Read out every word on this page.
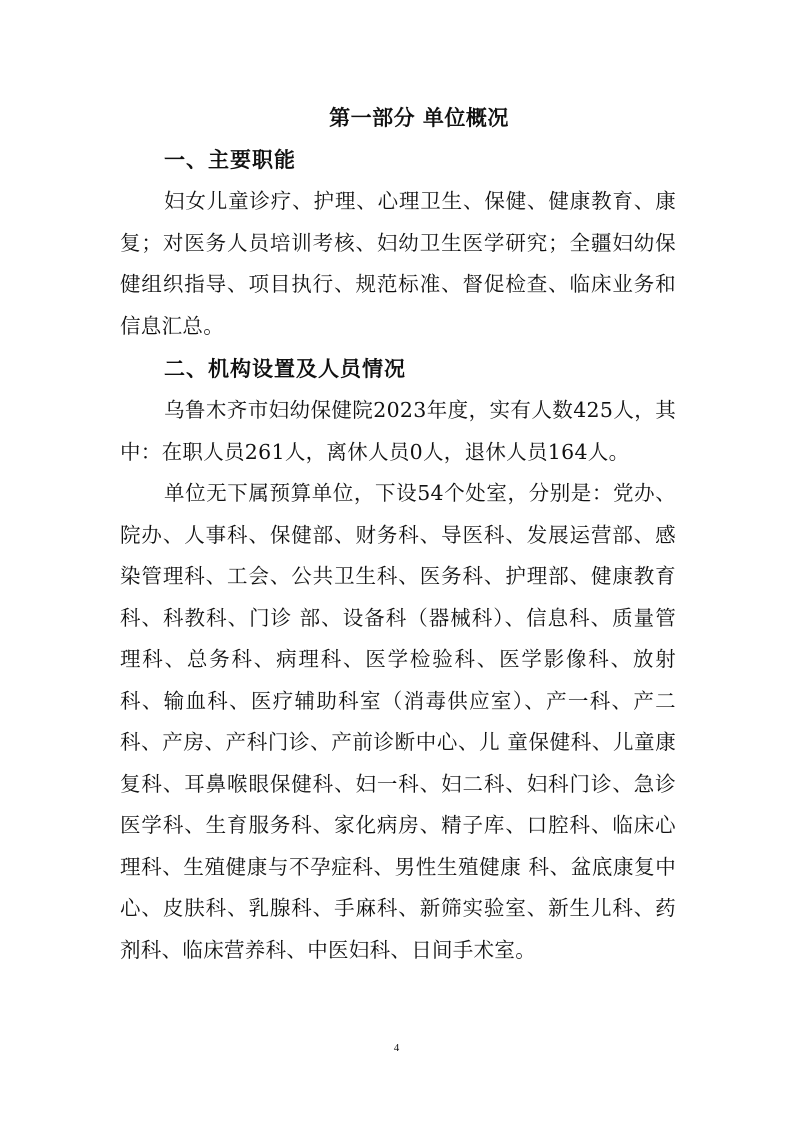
第一部分 单位概况
一、主要职能
妇女儿童诊疗、护理、心理卫生、保健、健康教育、康复；对医务人员培训考核、妇幼卫生医学研究；全疆妇幼保健组织指导、项目执行、规范标准、督促检查、临床业务和信息汇总。
二、机构设置及人员情况
乌鲁木齐市妇幼保健院2023年度，实有人数425人，其中：在职人员261人，离休人员0人，退休人员164人。
单位无下属预算单位，下设54个处室，分别是：党办、院办、人事科、保健部、财务科、导医科、发展运营部、感染管理科、工会、公共卫生科、医务科、护理部、健康教育科、科教科、门诊 部、设备科（器械科）、信息科、质量管理科、总务科、病理科、医学检验科、医学影像科、放射科、输血科、医疗辅助科室（消毒供应室）、产一科、产二科、产房、产科门诊、产前诊断中心、儿 童保健科、儿童康复科、耳鼻喉眼保健科、妇一科、妇二科、妇科门诊、急诊医学科、生育服务科、家化病房、精子库、口腔科、临床心理科、生殖健康与不孕症科、男性生殖健康 科、盆底康复中心、皮肤科、乳腺科、手麻科、新筛实验室、新生儿科、药剂科、临床营养科、中医妇科、日间手术室。
4
